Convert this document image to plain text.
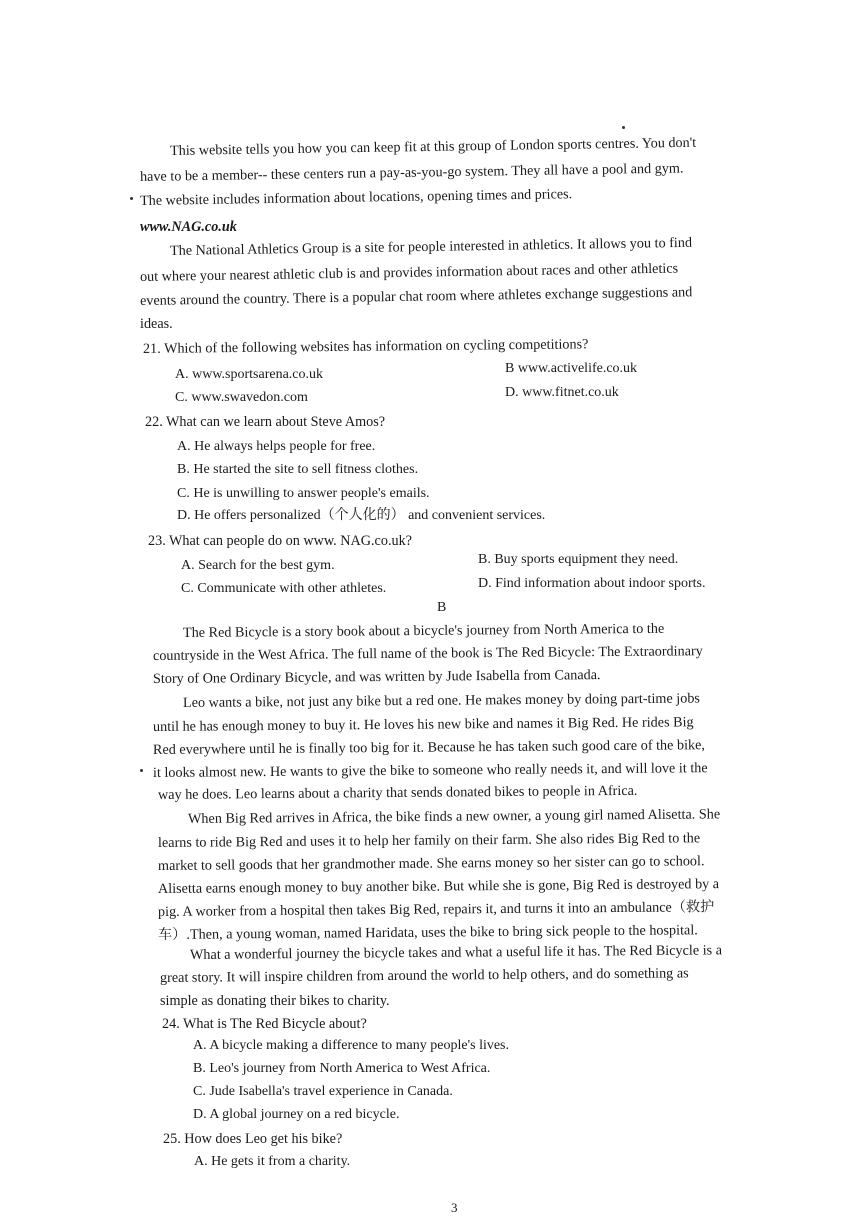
This website tells you how you can keep fit at this group of London sports centres. You don't
have to be a member-- these centers run a pay-as-you-go system. They all have a pool and gym.
The website includes information about locations, opening times and prices.
www.NAG.co.uk
The National Athletics Group is a site for people interested in athletics. It allows you to find
out where your nearest athletic club is and provides information about races and other athletics
events around the country. There is a popular chat room where athletes exchange suggestions and
ideas.
21. Which of the following websites has information on cycling competitions?
A. www.sportsarena.co.uk	B www.activelife.co.uk
C. www.swavedon.com	D. www.fitnet.co.uk
22. What can we learn about Steve Amos?
A. He always helps people for free.
B. He started the site to sell fitness clothes.
C. He is unwilling to answer people's emails.
D. He offers personalized（个人化的） and convenient services.
23. What can people do on www. NAG.co.uk?
A. Search for the best gym.	B. Buy sports equipment they need.
C. Communicate with other athletes.	D. Find information about indoor sports.
B
The Red Bicycle is a story book about a bicycle's journey from North America to the
countryside in the West Africa. The full name of the book is The Red Bicycle: The Extraordinary
Story of One Ordinary Bicycle, and was written by Jude Isabella from Canada.
Leo wants a bike, not just any bike but a red one. He makes money by doing part-time jobs
until he has enough money to buy it. He loves his new bike and names it Big Red. He rides Big
Red everywhere until he is finally too big for it. Because he has taken such good care of the bike,
it looks almost new. He wants to give the bike to someone who really needs it, and will love it the
way he does. Leo learns about a charity that sends donated bikes to people in Africa.
When Big Red arrives in Africa, the bike finds a new owner, a young girl named Alisetta. She
learns to ride Big Red and uses it to help her family on their farm. She also rides Big Red to the
market to sell goods that her grandmother made. She earns money so her sister can go to school.
Alisetta earns enough money to buy another bike. But while she is gone, Big Red is destroyed by a
pig. A worker from a hospital then takes Big Red, repairs it, and turns it into an ambulance（救护
车）.Then, a young woman, named Haridata, uses the bike to bring sick people to the hospital.
What a wonderful journey the bicycle takes and what a useful life it has. The Red Bicycle is a
great story. It will inspire children from around the world to help others, and do something as
simple as donating their bikes to charity.
24. What is The Red Bicycle about?
A. A bicycle making a difference to many people's lives.
B. Leo's journey from North America to West Africa.
C. Jude Isabella's travel experience in Canada.
D. A global journey on a red bicycle.
25. How does Leo get his bike?
A. He gets it from a charity.
3
